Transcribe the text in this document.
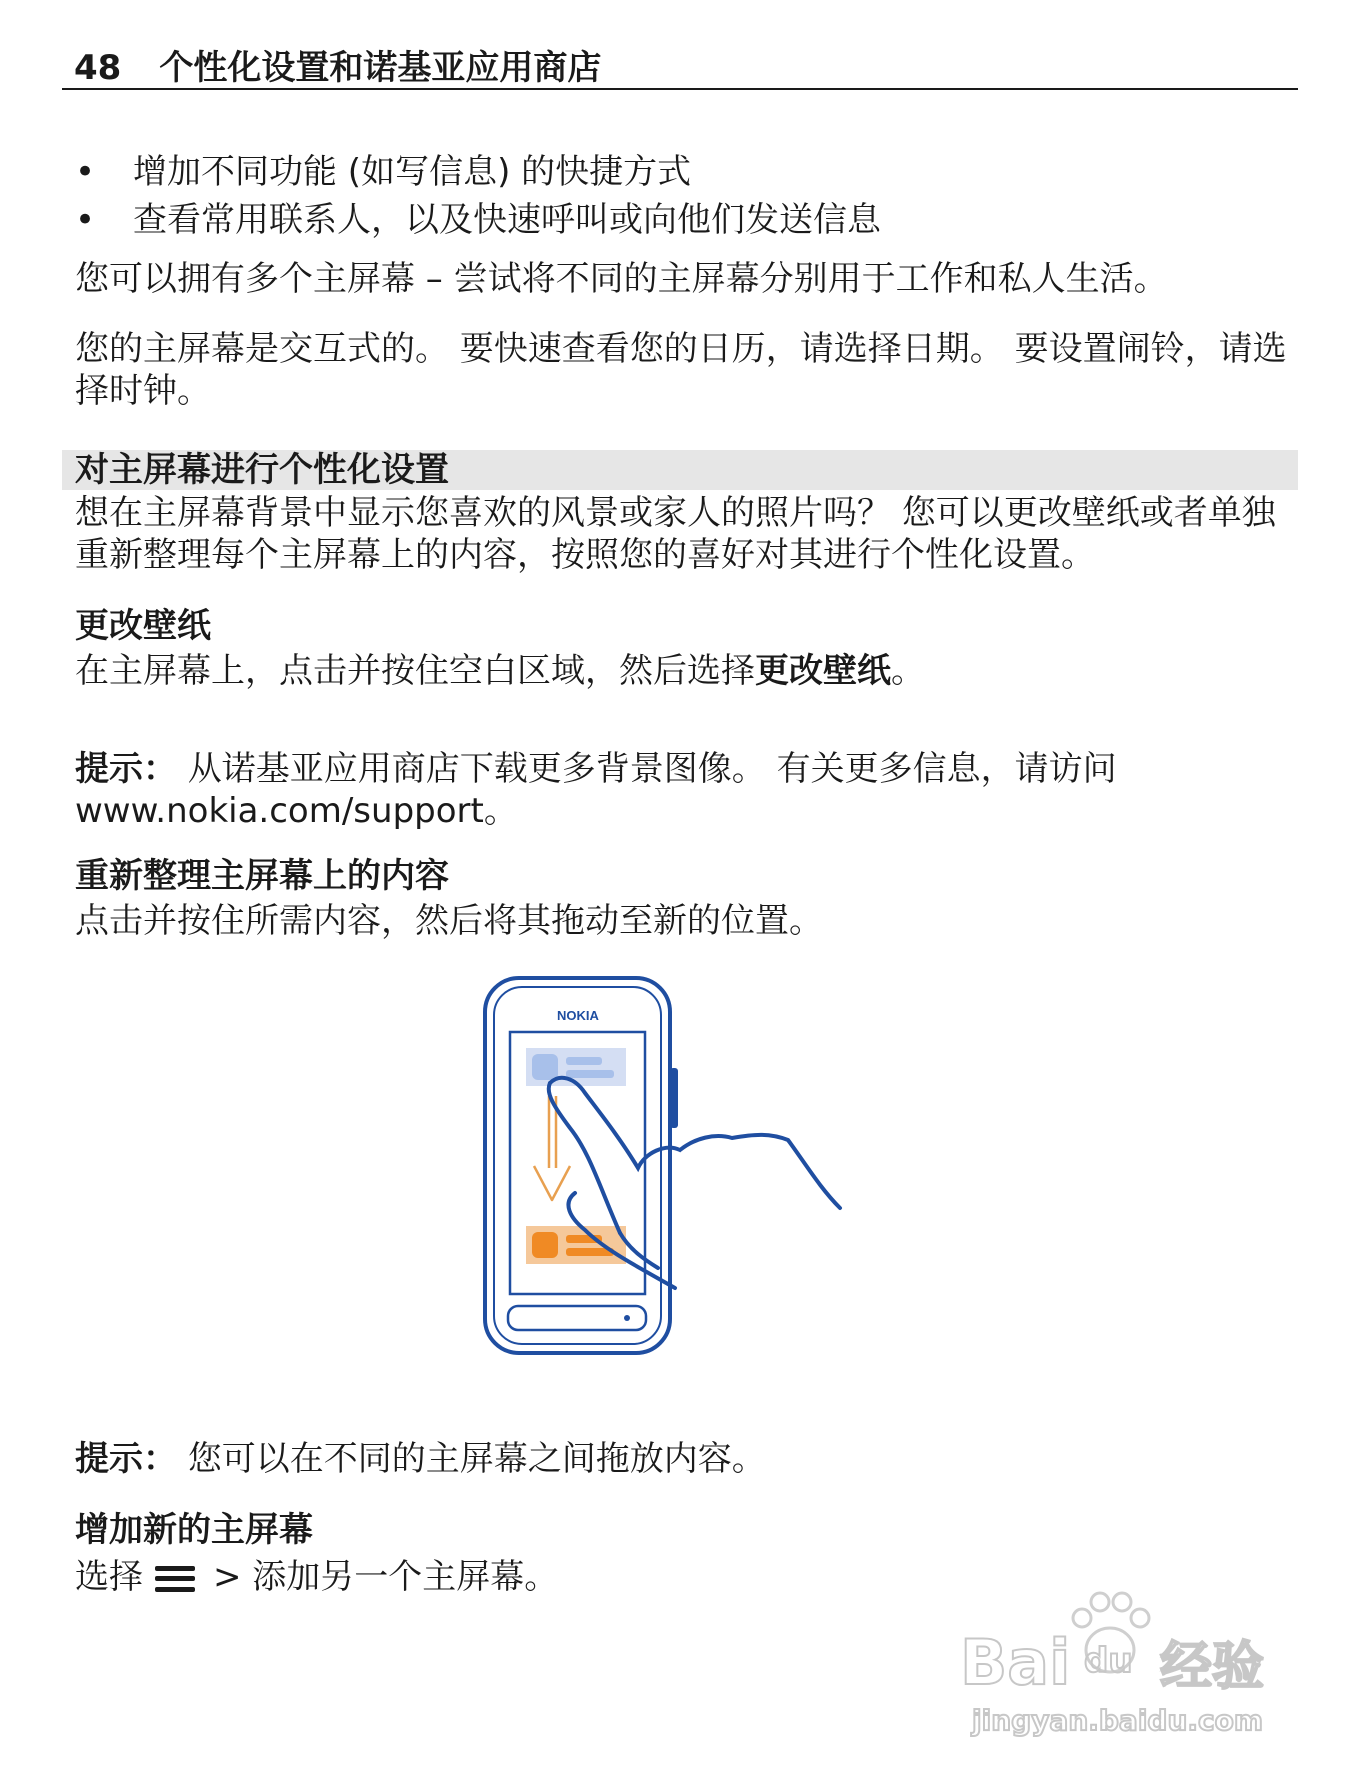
48 个性化设置和诺基亚应用商店
•	增加不同功能 (如写信息) 的快捷方式
•	查看常用联系人，以及快速呼叫或向他们发送信息
您可以拥有多个主屏幕 – 尝试将不同的主屏幕分别用于工作和私人生活。
您的主屏幕是交互式的。 要快速查看您的日历，请选择日期。 要设置闹铃，请选择时钟。
对主屏幕进行个性化设置
想在主屏幕背景中显示您喜欢的风景或家人的照片吗？ 您可以更改壁纸或者单独重新整理每个主屏幕上的内容，按照您的喜好对其进行个性化设置。
更改壁纸
在主屏幕上，点击并按住空白区域，然后选择更改壁纸。
提示： 从诺基亚应用商店下载更多背景图像。 有关更多信息，请访问 www.nokia.com/support。
重新整理主屏幕上的内容
点击并按住所需内容，然后将其拖动至新的位置。
NOKIA
提示： 您可以在不同的主屏幕之间拖放内容。
增加新的主屏幕
选择 > 添加另一个主屏幕。
Bai du 经验
jingyan.baidu.com
